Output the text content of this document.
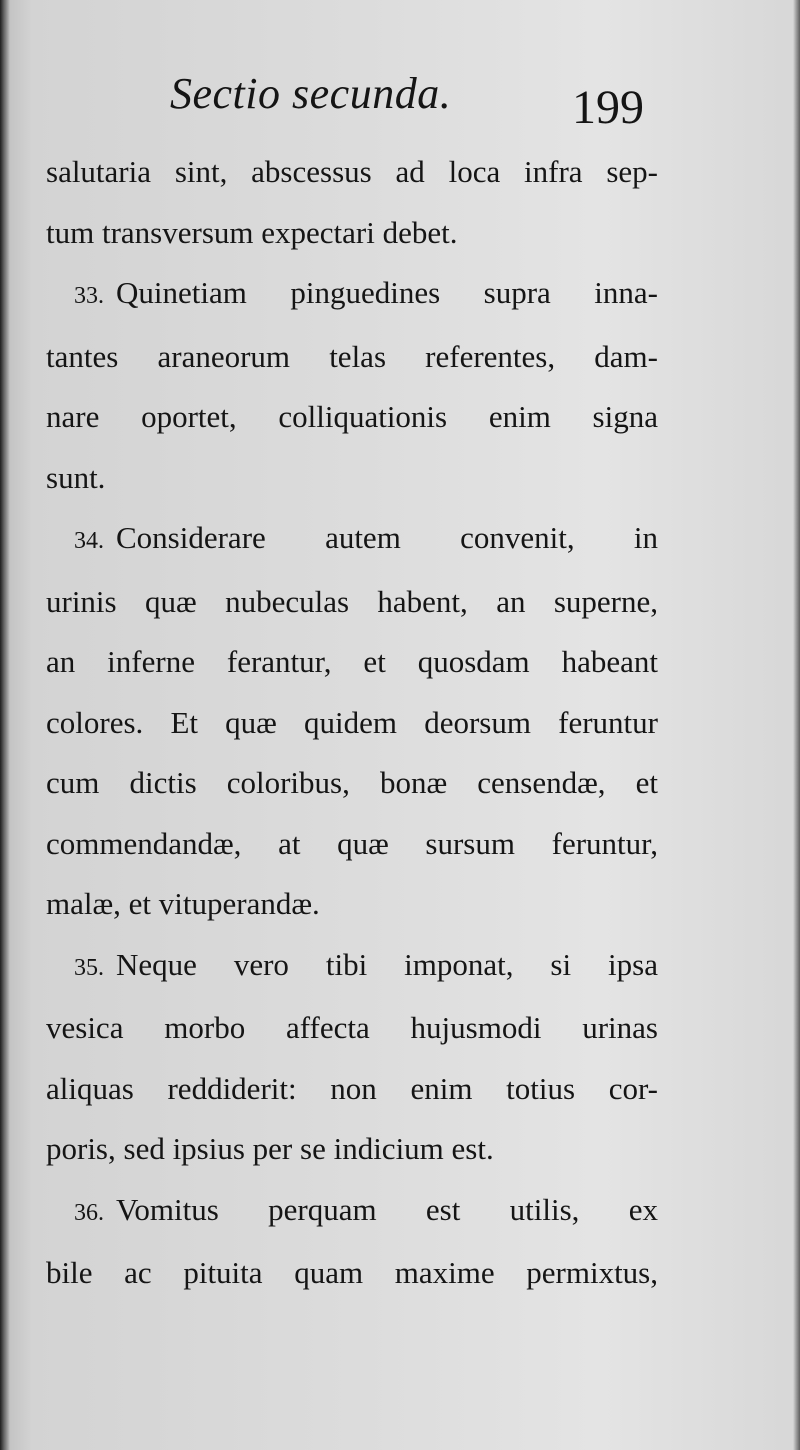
Sectio secunda.	199
salutaria sint, abscessus ad loca infra sep-
tum transversum expectari debet.
33. Quinetiam pinguedines supra inna-
tantes araneorum telas referentes, dam-
nare oportet, colliquationis enim signa
sunt.
34. Considerare autem convenit, in
urinis quæ nubeculas habent, an superne,
an inferne ferantur, et quosdam habeant
colores. Et quæ quidem deorsum feruntur
cum dictis coloribus, bonæ censendæ, et
commendandæ, at quæ sursum feruntur,
malæ, et vituperandæ.
35. Neque vero tibi imponat, si ipsa
vesica morbo affecta hujusmodi urinas
aliquas reddiderit: non enim totius cor-
poris, sed ipsius per se indicium est.
36. Vomitus perquam est utilis, ex
bile ac pituita quam maxime permixtus,
